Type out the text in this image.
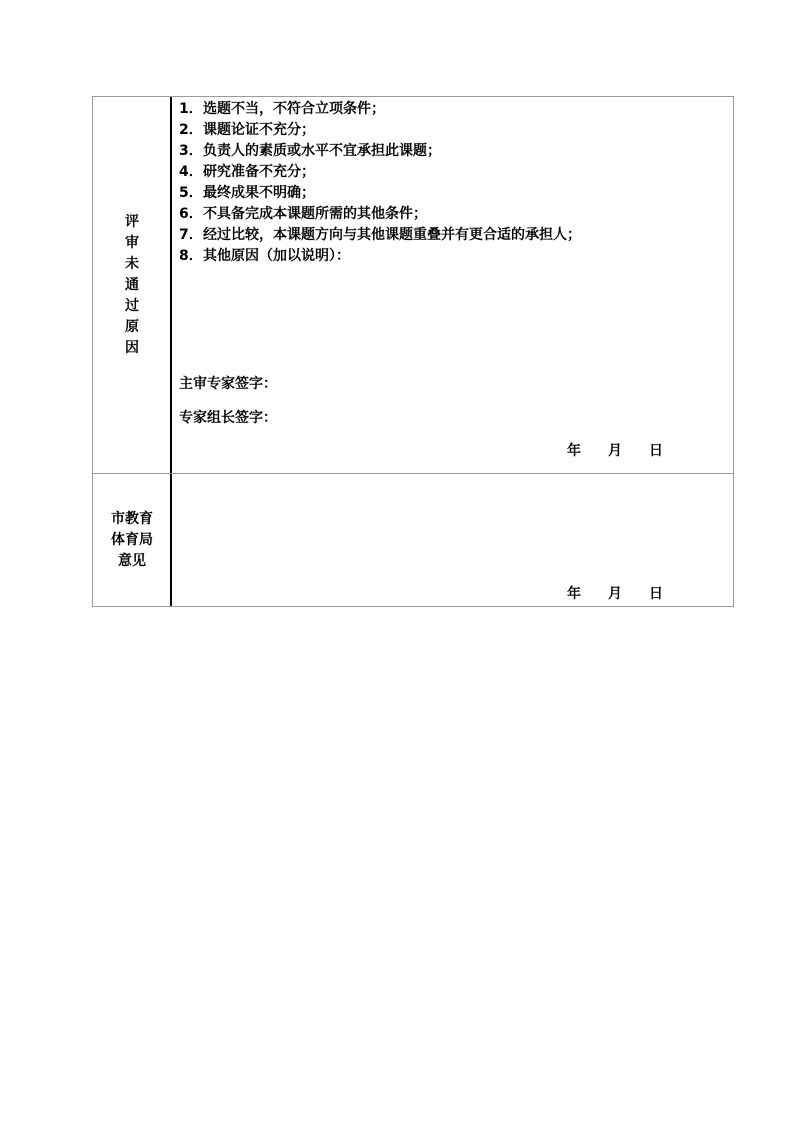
评
审
未
通
过
原
因
1．选题不当，不符合立项条件；
2．课题论证不充分；
3．负责人的素质或水平不宜承担此课题；
4．研究准备不充分；
5．最终成果不明确；
6．不具备完成本课题所需的其他条件；
7．经过比较，本课题方向与其他课题重叠并有更合适的承担人；
8．其他原因（加以说明）：
主审专家签字：
专家组长签字：
年 月 日
市教育
体育局
意见
年 月 日
